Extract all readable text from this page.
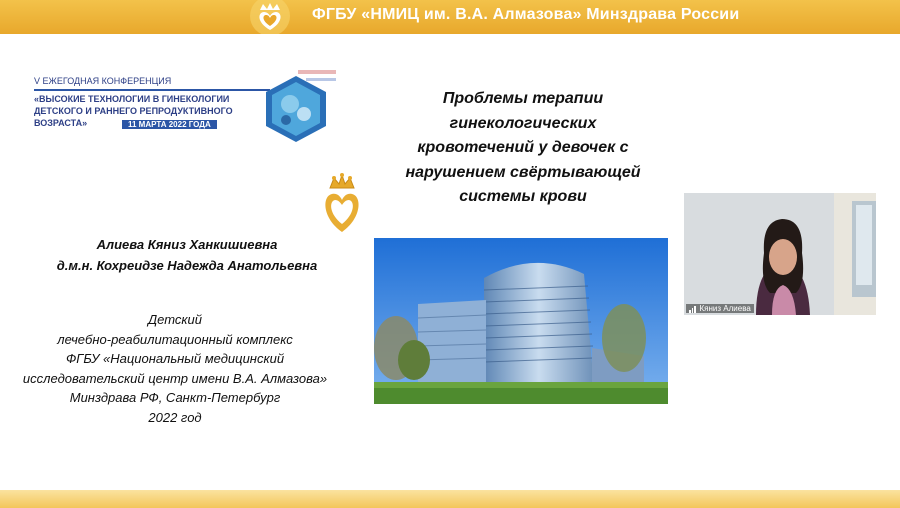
ФГБУ «НМИЦ им. В.А. Алмазова» Минздрава России
V ЕЖЕГОДНАЯ КОНФЕРЕНЦИЯ
«ВЫСОКИЕ ТЕХНОЛОГИИ В ГИНЕКОЛОГИИ
ДЕТСКОГО И РАННЕГО РЕПРОДУКТИВНОГО
ВОЗРАСТА»	11 МАРТА 2022 ГОДА
Проблемы терапии
гинекологических
кровотечений у девочек с
нарушением свёртывающей
системы крови
Алиева Кяниз Ханкишиевна
д.м.н. Кохреидзе Надежда Анатольевна
Детский
лечебно-реабилитационный комплекс
ФГБУ «Национальный медицинский
исследовательский центр имени В.А. Алмазова»
Минздрава РФ, Санкт-Петербург
2022 год
Кяниз Алиева
